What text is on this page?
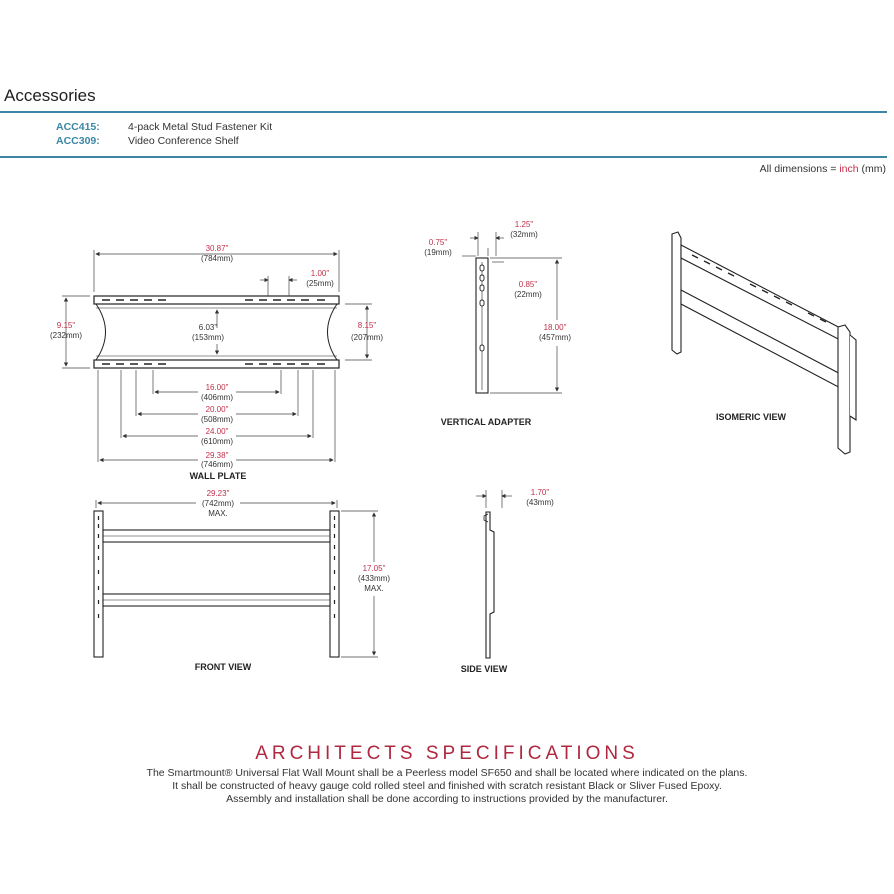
Accessories
ACC415:	4-pack Metal Stud Fastener Kit
ACC309:	Video Conference Shelf
All dimensions = inch (mm)
30.87"
(784mm)
9.15"
(232mm)
8.15"
(207mm)
1.00"
(25mm)
6.03"
(153mm)
16.00"
(406mm)
20.00"
(508mm)
24.00"
(610mm)
29.38"
(746mm)
WALL PLATE
1.25"
(32mm)
0.75"
(19mm)
0.85"
(22mm)
18.00"
(457mm)
VERTICAL ADAPTER	ISOMERIC VIEW
29.23"
(742mm)
MAX.
17.05"
(433mm)
MAX.
FRONT VIEW
1.70"
(43mm)
SIDE VIEW
ARCHITECTS SPECIFICATIONS
The Smartmount® Universal Flat Wall Mount shall be a Peerless model SF650 and shall be located where indicated on the plans.
It shall be constructed of heavy gauge cold rolled steel and finished with scratch resistant Black or Sliver Fused Epoxy.
Assembly and installation shall be done according to instructions provided by the manufacturer.
